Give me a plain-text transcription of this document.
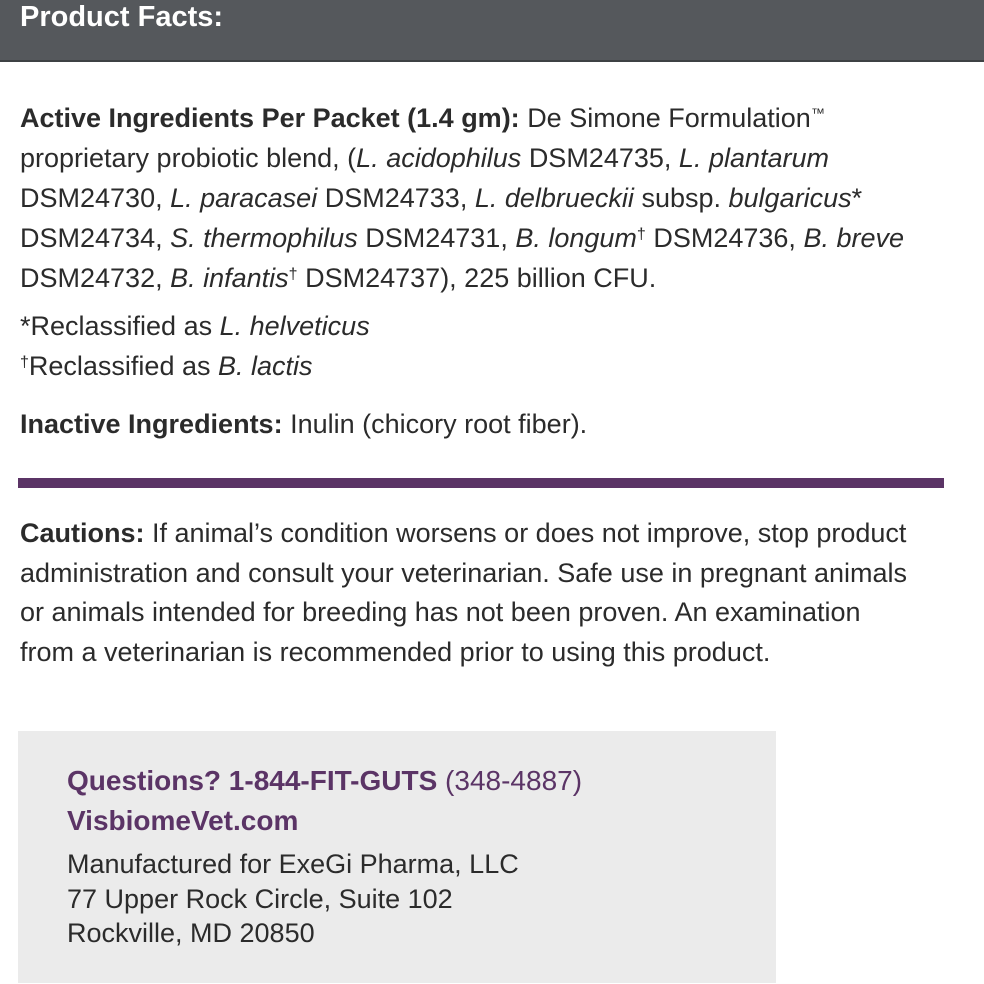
Product Facts:

Active Ingredients Per Packet (1.4 gm): De Simone Formulation™
proprietary probiotic blend, (L. acidophilus DSM24735, L. plantarum
DSM24730, L. paracasei DSM24733, L. delbrueckii subsp. bulgaricus*
DSM24734, S. thermophilus DSM24731, B. longum† DSM24736, B. breve
DSM24732, B. infantis† DSM24737), 225 billion CFU.

*Reclassified as L. helveticus
†Reclassified as B. lactis

Inactive Ingredients: Inulin (chicory root fiber).

Cautions: If animal’s condition worsens or does not improve, stop product administration and consult your veterinarian. Safe use in pregnant animals or animals intended for breeding has not been proven. An examination from a veterinarian is recommended prior to using this product.

Questions? 1-844-FIT-GUTS (348-4887)
VisbiomeVet.com
Manufactured for ExeGi Pharma, LLC
77 Upper Rock Circle, Suite 102
Rockville, MD 20850
